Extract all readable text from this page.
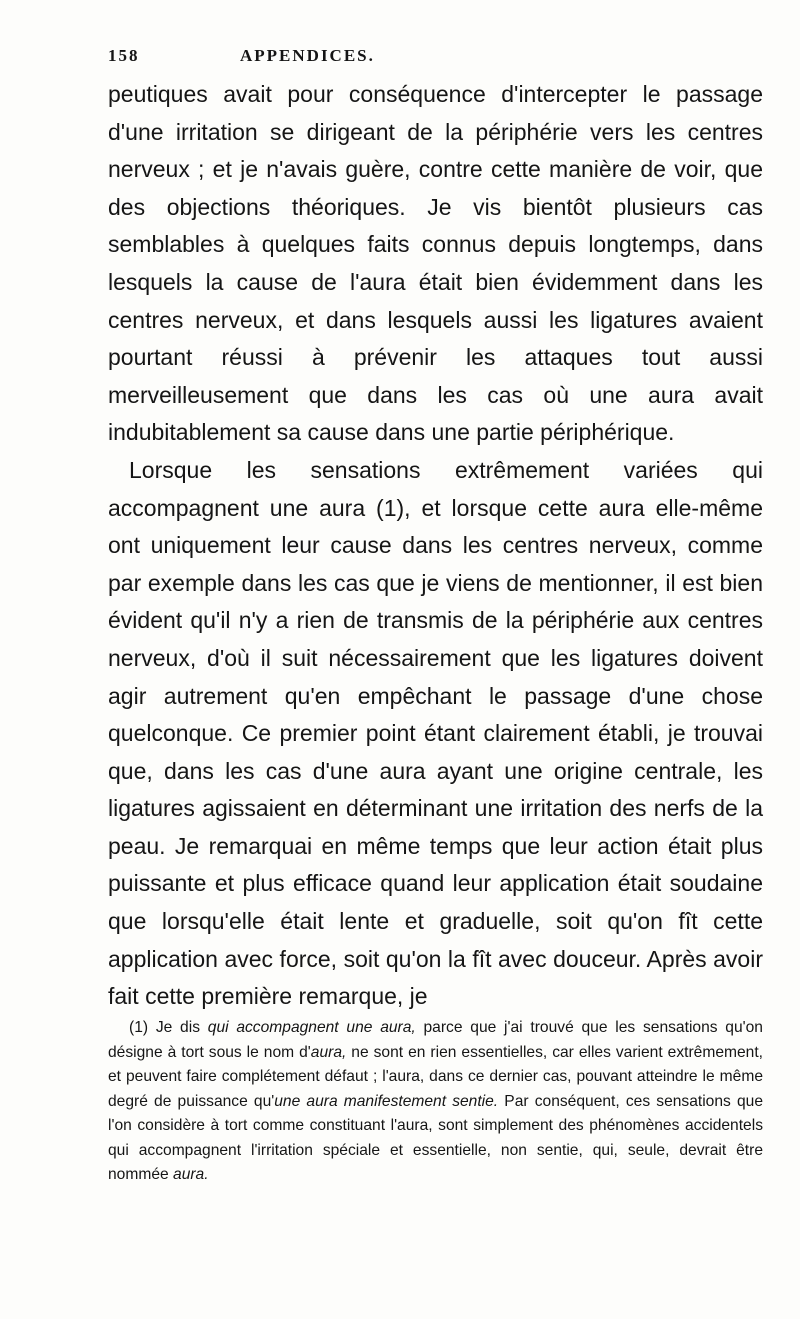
158	APPENDICES.

peutiques avait pour conséquence d'intercepter le passage d'une irritation se dirigeant de la périphérie vers les centres nerveux ; et je n'avais guère, contre cette manière de voir, que des objections théoriques. Je vis bientôt plusieurs cas semblables à quelques faits connus depuis longtemps, dans lesquels la cause de l'aura était bien évidemment dans les centres nerveux, et dans lesquels aussi les ligatures avaient pourtant réussi à prévenir les attaques tout aussi merveilleusement que dans les cas où une aura avait indubitablement sa cause dans une partie périphérique.

Lorsque les sensations extrêmement variées qui accompagnent une aura (1), et lorsque cette aura elle-même ont uniquement leur cause dans les centres nerveux, comme par exemple dans les cas que je viens de mentionner, il est bien évident qu'il n'y a rien de transmis de la périphérie aux centres nerveux, d'où il suit nécessairement que les ligatures doivent agir autrement qu'en empêchant le passage d'une chose quelconque. Ce premier point étant clairement établi, je trouvai que, dans les cas d'une aura ayant une origine centrale, les ligatures agissaient en déterminant une irritation des nerfs de la peau. Je remarquai en même temps que leur action était plus puissante et plus efficace quand leur application était soudaine que lorsqu'elle était lente et graduelle, soit qu'on fît cette application avec force, soit qu'on la fît avec douceur. Après avoir fait cette première remarque, je

(1) Je dis qui accompagnent une aura, parce que j'ai trouvé que les sensations qu'on désigne à tort sous le nom d'aura, ne sont en rien essentielles, car elles varient extrêmement, et peuvent faire complétement défaut ; l'aura, dans ce dernier cas, pouvant atteindre le même degré de puissance qu'une aura manifestement sentie. Par conséquent, ces sensations que l'on considère à tort comme constituant l'aura, sont simplement des phénomènes accidentels qui accompagnent l'irritation spéciale et essentielle, non sentie, qui, seule, devrait être nommée aura.
